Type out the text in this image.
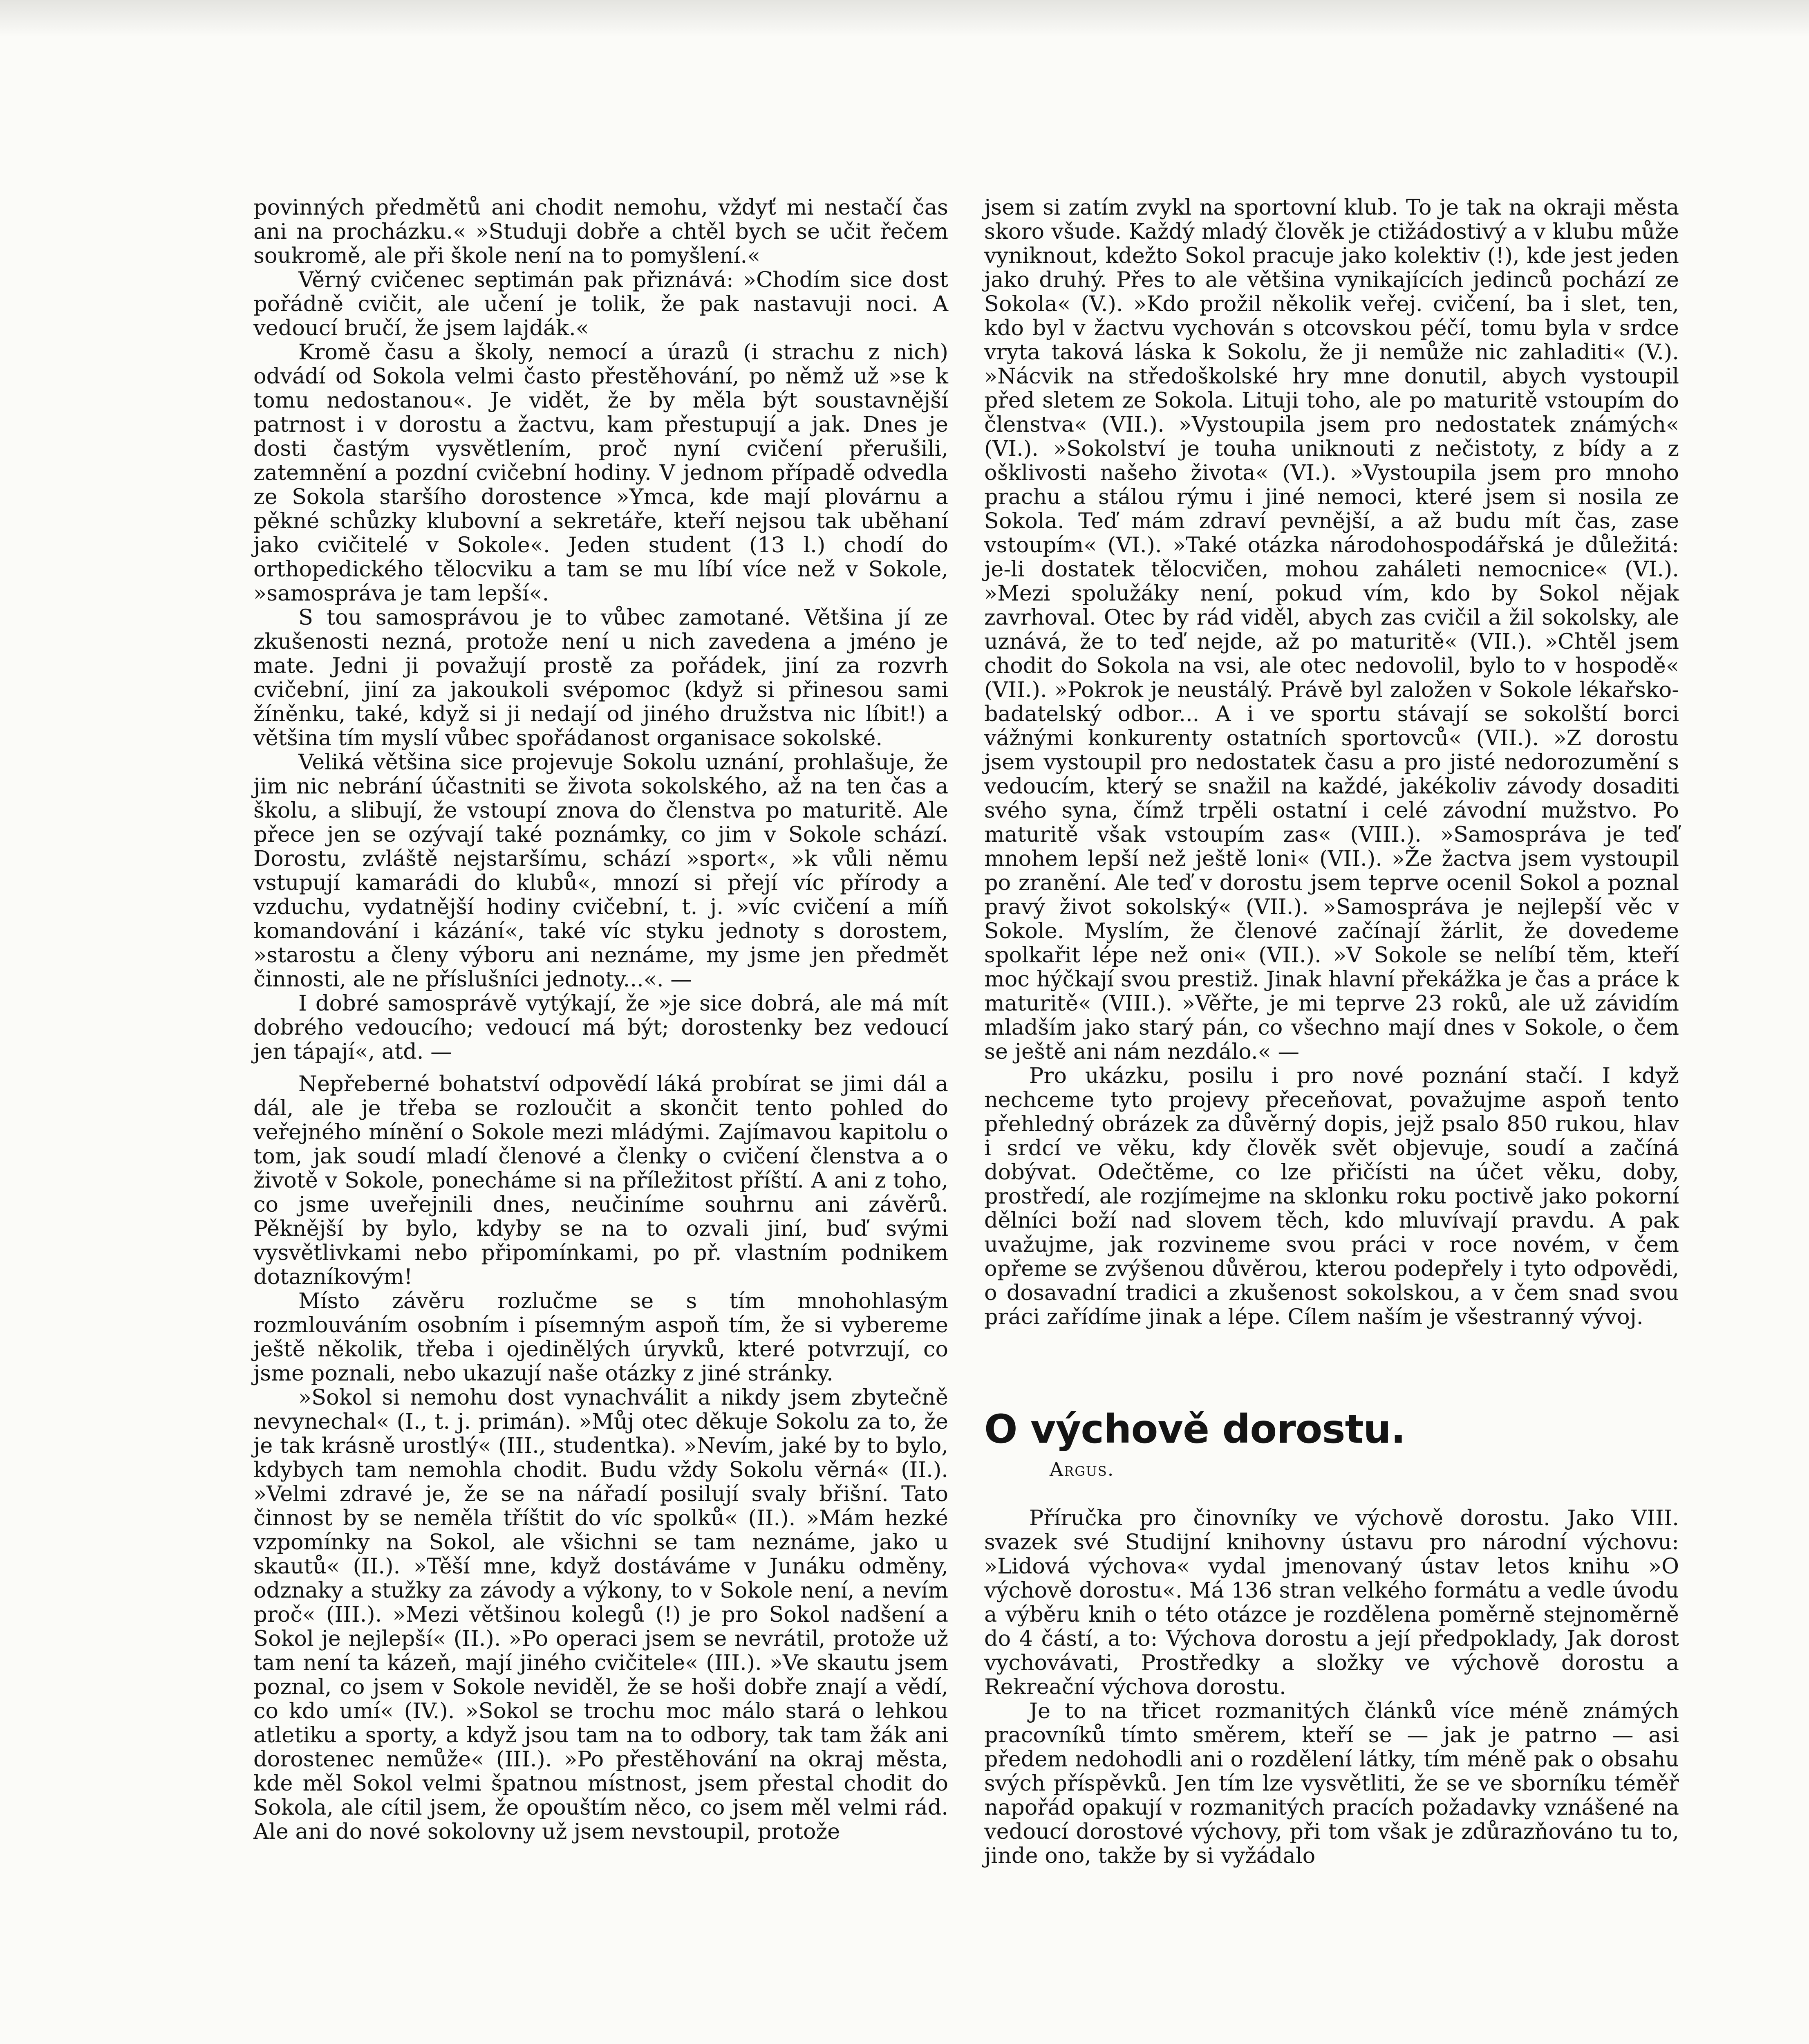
povinných předmětů ani chodit nemohu, vždyť mi nestačí čas ani na procházku.« »Studuji dobře a chtěl bych se učit řečem soukromě, ale při škole není na to pomyšlení.«

Věrný cvičenec septimán pak přiznává: »Chodím sice dost pořádně cvičit, ale učení je tolik, že pak nastavuji noci. A vedoucí bručí, že jsem lajdák.«

Kromě času a školy, nemocí a úrazů (i strachu z nich) odvádí od Sokola velmi často přestěhování, po němž už »se k tomu nedostanou«. Je vidět, že by měla být soustavnější patrnost i v dorostu a žactvu, kam přestupují a jak. Dnes je dosti častým vysvětlením, proč nyní cvičení přerušili, zatemnění a pozdní cvičební hodiny. V jednom případě odvedla ze Sokola staršího dorostence »Ymca, kde mají plovárnu a pěkné schůzky klubovní a sekretáře, kteří nejsou tak uběhaní jako cvičitelé v Sokole«. Jeden student (13 l.) chodí do orthopedického tělocviku a tam se mu líbí více než v Sokole, »samospráva je tam lepší«.

S tou samosprávou je to vůbec zamotané. Většina jí ze zkušenosti nezná, protože není u nich zavedena a jméno je mate. Jedni ji považují prostě za pořádek, jiní za rozvrh cvičební, jiní za jakoukoli svépomoc (když si přinesou sami žíněnku, také, když si ji nedají od jiného družstva nic líbit!) a většina tím myslí vůbec spořádanost organisace sokolské.

Veliká většina sice projevuje Sokolu uznání, prohlašuje, že jim nic nebrání účastniti se života sokolského, až na ten čas a školu, a slibují, že vstoupí znova do členstva po maturitě. Ale přece jen se ozývají také poznámky, co jim v Sokole schází. Dorostu, zvláště nejstaršímu, schází »sport«, »k vůli němu vstupují kamarádi do klubů«, mnozí si přejí víc přírody a vzduchu, vydatnější hodiny cvičební, t. j. »víc cvičení a míň komandování i kázání«, také víc styku jednoty s dorostem, »starostu a členy výboru ani neznáme, my jsme jen předmět činnosti, ale ne příslušníci jednoty...«. —

I dobré samosprávě vytýkají, že »je sice dobrá, ale má mít dobrého vedoucího; vedoucí má být; dorostenky bez vedoucí jen tápají«, atd. —

Nepřeberné bohatství odpovědí láká probírat se jimi dál a dál, ale je třeba se rozloučit a skončit tento pohled do veřejného mínění o Sokole mezi mládými. Zajímavou kapitolu o tom, jak soudí mladí členové a členky o cvičení členstva a o životě v Sokole, ponecháme si na příležitost příští. A ani z toho, co jsme uveřejnili dnes, neučiníme souhrnu ani závěrů. Pěknější by bylo, kdyby se na to ozvali jiní, buď svými vysvětlivkami nebo připomínkami, po př. vlastním podnikem dotazníkovým!

Místo závěru rozlučme se s tím mnohohlasým rozmlouváním osobním i písemným aspoň tím, že si vybereme ještě několik, třeba i ojedinělých úryvků, které potvrzují, co jsme poznali, nebo ukazují naše otázky z jiné stránky.

»Sokol si nemohu dost vynachválit a nikdy jsem zbytečně nevynechal« (I., t. j. primán). »Můj otec děkuje Sokolu za to, že je tak krásně urostlý« (III., studentka). »Nevím, jaké by to bylo, kdybych tam nemohla chodit. Budu vždy Sokolu věrná« (II.). »Velmi zdravé je, že se na nářadí posilují svaly břišní. Tato činnost by se neměla tříštit do víc spolků« (II.). »Mám hezké vzpomínky na Sokol, ale všichni se tam neznáme, jako u skautů« (II.). »Těší mne, když dostáváme v Junáku odměny, odznaky a stužky za závody a výkony, to v Sokole není, a nevím proč« (III.). »Mezi většinou kolegů (!) je pro Sokol nadšení a Sokol je nejlepší« (II.). »Po operaci jsem se nevrátil, protože už tam není ta kázeň, mají jiného cvičitele« (III.). »Ve skautu jsem poznal, co jsem v Sokole neviděl, že se hoši dobře znají a vědí, co kdo umí« (IV.). »Sokol se trochu moc málo stará o lehkou atletiku a sporty, a když jsou tam na to odbory, tak tam žák ani dorostenec nemůže« (III.). »Po přestěhování na okraj města, kde měl Sokol velmi špatnou místnost, jsem přestal chodit do Sokola, ale cítil jsem, že opouštím něco, co jsem měl velmi rád. Ale ani do nové sokolovny už jsem nevstoupil, protože

jsem si zatím zvykl na sportovní klub. To je tak na okraji města skoro všude. Každý mladý člověk je ctižádostivý a v klubu může vyniknout, kdežto Sokol pracuje jako kolektiv (!), kde jest jeden jako druhý. Přes to ale většina vynikajících jedinců pochází ze Sokola« (V.). »Kdo prožil několik veřej. cvičení, ba i slet, ten, kdo byl v žactvu vychován s otcovskou péčí, tomu byla v srdce vryta taková láska k Sokolu, že ji nemůže nic zahladiti« (V.). »Nácvik na středoškolské hry mne donutil, abych vystoupil před sletem ze Sokola. Lituji toho, ale po maturitě vstoupím do členstva« (VII.). »Vystoupila jsem pro nedostatek známých« (VI.). »Sokolství je touha uniknouti z nečistoty, z bídy a z ošklivosti našeho života« (VI.). »Vystoupila jsem pro mnoho prachu a stálou rýmu i jiné nemoci, které jsem si nosila ze Sokola. Teď mám zdraví pevnější, a až budu mít čas, zase vstoupím« (VI.). »Také otázka národohospodářská je důležitá: je-li dostatek tělocvičen, mohou zaháleti nemocnice« (VI.). »Mezi spolužáky není, pokud vím, kdo by Sokol nějak zavrhoval. Otec by rád viděl, abych zas cvičil a žil sokolsky, ale uznává, že to teď nejde, až po maturitě« (VII.). »Chtěl jsem chodit do Sokola na vsi, ale otec nedovolil, bylo to v hospodě« (VII.). »Pokrok je neustálý. Právě byl založen v Sokole lékařsko-badatelský odbor... A i ve sportu stávají se sokolští borci vážnými konkurenty ostatních sportovců« (VII.). »Z dorostu jsem vystoupil pro nedostatek času a pro jisté nedorozumění s vedoucím, který se snažil na každé, jakékoliv závody dosaditi svého syna, čímž trpěli ostatní i celé závodní mužstvo. Po maturitě však vstoupím zas« (VIII.). »Samospráva je teď mnohem lepší než ještě loni« (VII.). »Že žactva jsem vystoupil po zranění. Ale teď v dorostu jsem teprve ocenil Sokol a poznal pravý život sokolský« (VII.). »Samospráva je nejlepší věc v Sokole. Myslím, že členové začínají žárlit, že dovedeme spolkařit lépe než oni« (VII.). »V Sokole se nelíbí těm, kteří moc hýčkají svou prestiž. Jinak hlavní překážka je čas a práce k maturitě« (VIII.). »Věřte, je mi teprve 23 roků, ale už závidím mladším jako starý pán, co všechno mají dnes v Sokole, o čem se ještě ani nám nezdálo.« —

Pro ukázku, posilu i pro nové poznání stačí. I když nechceme tyto projevy přeceňovat, považujme aspoň tento přehledný obrázek za důvěrný dopis, jejž psalo 850 rukou, hlav i srdcí ve věku, kdy člověk svět objevuje, soudí a začíná dobývat. Odečtěme, co lze přičísti na účet věku, doby, prostředí, ale rozjímejme na sklonku roku poctivě jako pokorní dělníci boží nad slovem těch, kdo mluvívají pravdu. A pak uvažujme, jak rozvineme svou práci v roce novém, v čem opřeme se zvýšenou důvěrou, kterou podepřely i tyto odpovědi, o dosavadní tradici a zkušenost sokolskou, a v čem snad svou práci zařídíme jinak a lépe. Cílem naším je všestranný vývoj.

O výchově dorostu.
Argus.

Příručka pro činovníky ve výchově dorostu. Jako VIII. svazek své Studijní knihovny ústavu pro národní výchovu: »Lidová výchova« vydal jmenovaný ústav letos knihu »O výchově dorostu«. Má 136 stran velkého formátu a vedle úvodu a výběru knih o této otázce je rozdělena poměrně stejnoměrně do 4 částí, a to: Výchova dorostu a její předpoklady, Jak dorost vychovávati, Prostředky a složky ve výchově dorostu a Rekreační výchova dorostu.

Je to na třicet rozmanitých článků více méně známých pracovníků tímto směrem, kteří se — jak je patrno — asi předem nedohodli ani o rozdělení látky, tím méně pak o obsahu svých příspěvků. Jen tím lze vysvětliti, že se ve sborníku téměř napořád opakují v rozmanitých pracích požadavky vznášené na vedoucí dorostové výchovy, při tom však je zdůrazňováno tu to, jinde ono, takže by si vyžádalo
